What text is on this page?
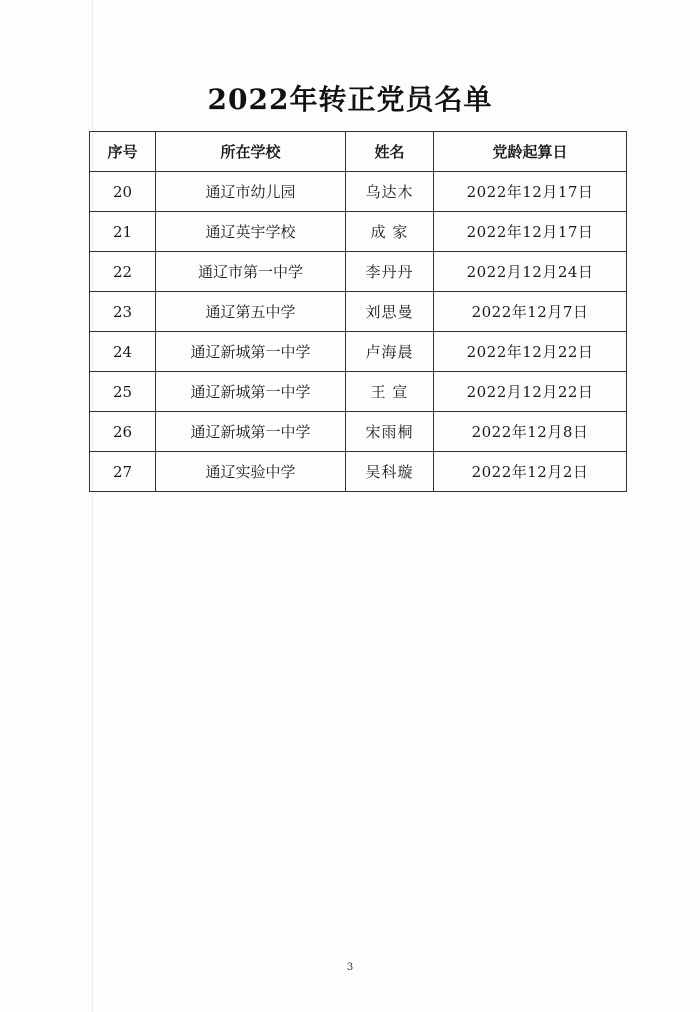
2022年转正党员名单
序号	所在学校	姓名	党龄起算日
20	通辽市幼儿园	乌达木	2022年12月17日
21	通辽英宇学校	成 家	2022年12月17日
22	通辽市第一中学	李丹丹	2022月12月24日
23	通辽第五中学	刘思曼	2022年12月7日
24	通辽新城第一中学	卢海晨	2022年12月22日
25	通辽新城第一中学	王 宣	2022月12月22日
26	通辽新城第一中学	宋雨桐	2022年12月8日
27	通辽实验中学	吴科璇	2022年12月2日
3
